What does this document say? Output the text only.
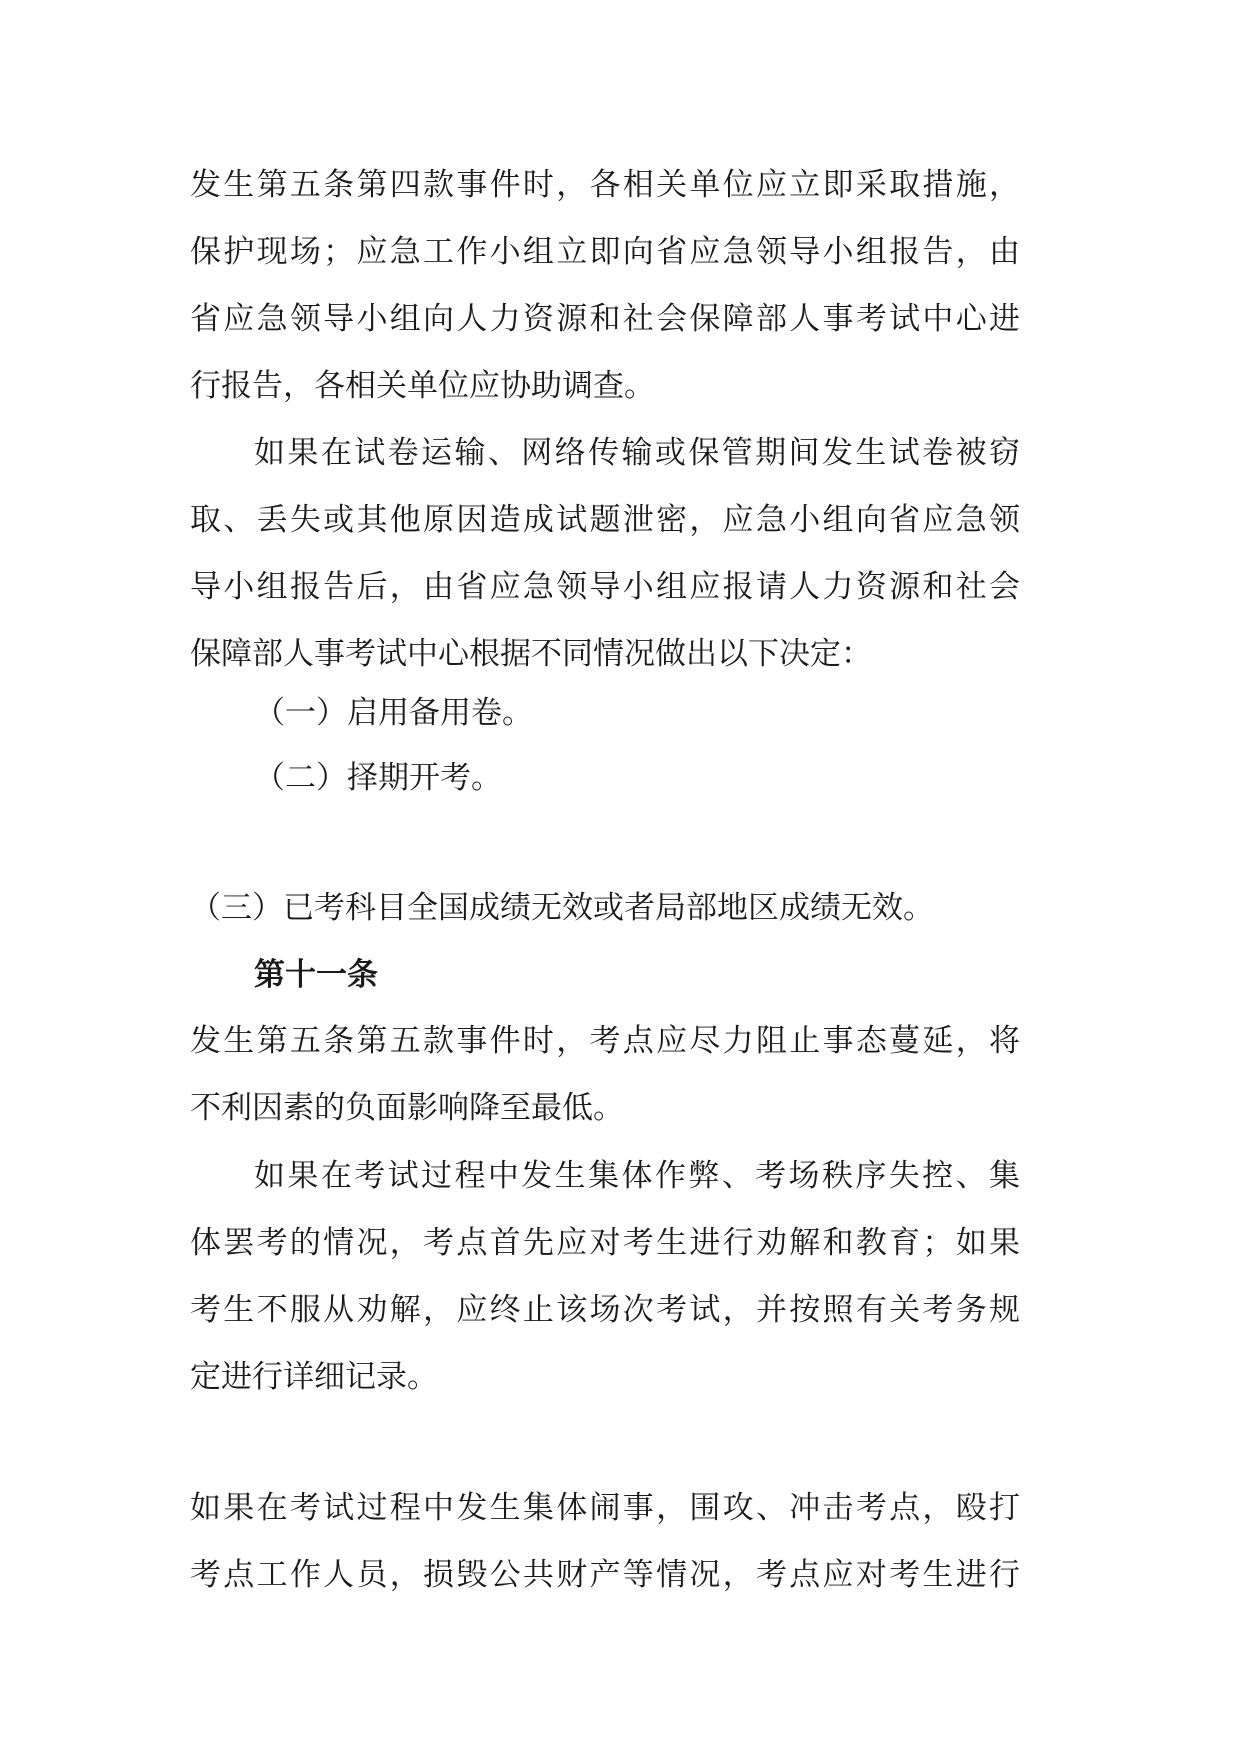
发生第五条第四款事件时，各相关单位应立即采取措施，
保护现场；应急工作小组立即向省应急领导小组报告，由
省应急领导小组向人力资源和社会保障部人事考试中心进
行报告，各相关单位应协助调查。
如果在试卷运输、网络传输或保管期间发生试卷被窃
取、丢失或其他原因造成试题泄密，应急小组向省应急领
导小组报告后，由省应急领导小组应报请人力资源和社会
保障部人事考试中心根据不同情况做出以下决定：
（一）启用备用卷。
（二）择期开考。
（三）已考科目全国成绩无效或者局部地区成绩无效。
第十一条
发生第五条第五款事件时，考点应尽力阻止事态蔓延，将
不利因素的负面影响降至最低。
如果在考试过程中发生集体作弊、考场秩序失控、集
体罢考的情况，考点首先应对考生进行劝解和教育；如果
考生不服从劝解，应终止该场次考试，并按照有关考务规
定进行详细记录。
如果在考试过程中发生集体闹事，围攻、冲击考点，殴打
考点工作人员，损毁公共财产等情况，考点应对考生进行
